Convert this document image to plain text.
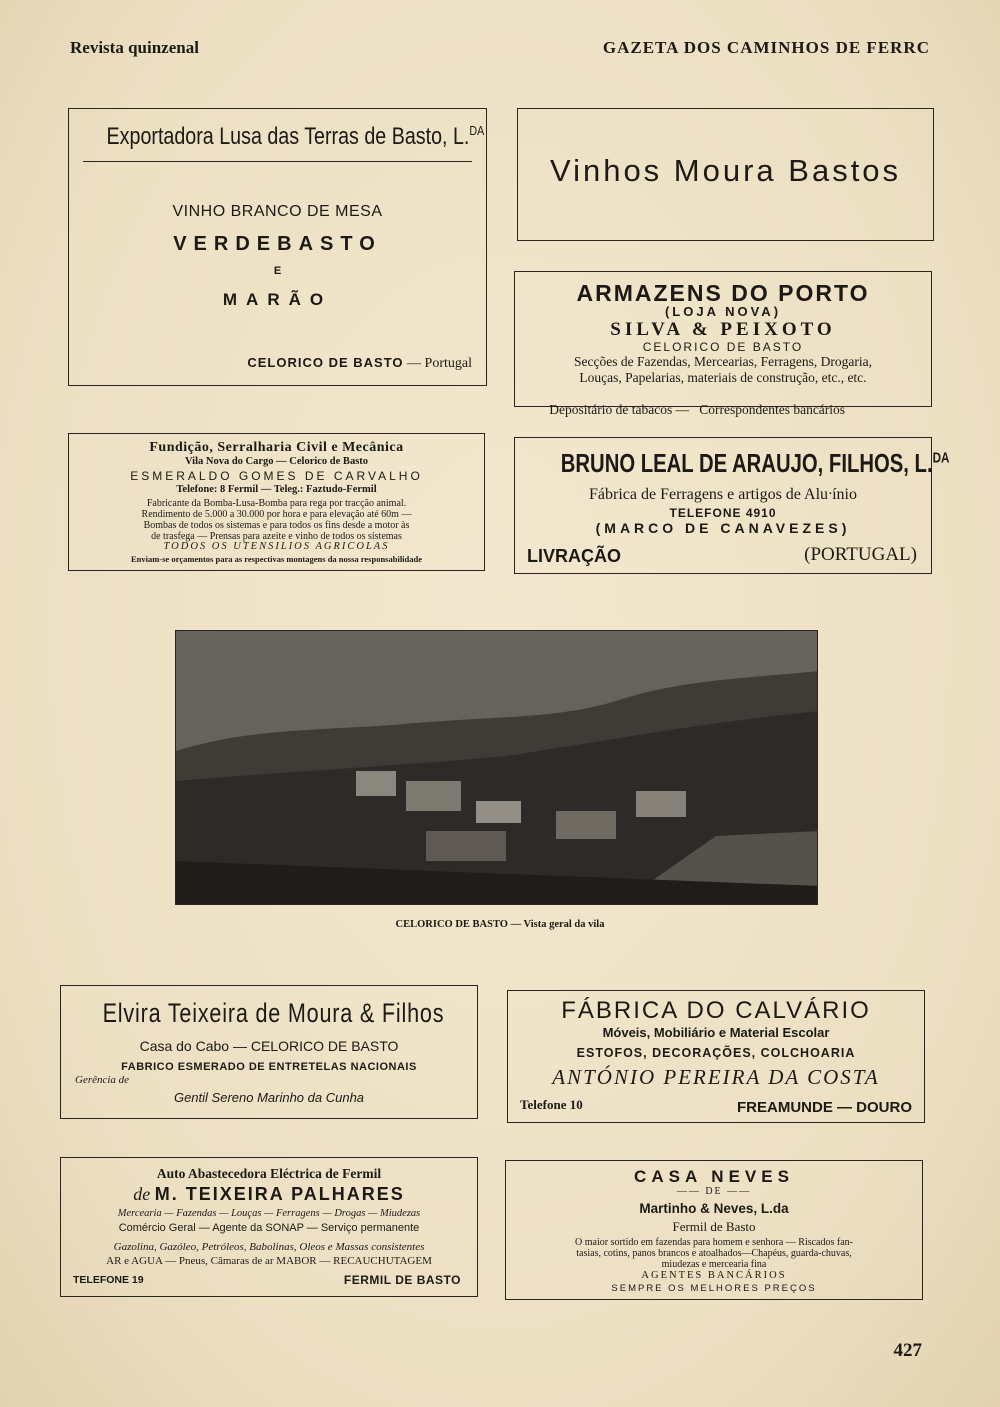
Revista quinzenal	GAZETA DOS CAMINHOS DE FERRC
Exportadora Lusa das Terras de Basto, L.$^{DA}$
VINHO BRANCO DE MESA
VERDEBASTO
E
MARÃO
CELORICO DE BASTO — Portugal
Vinhos Moura Bastos
ARMAZENS DO PORTO
(LOJA NOVA)
SILVA & PEIXOTO
CELORICO DE BASTO
Secções de Fazendas, Mercearias, Ferragens, Drogaria,
Louças, Papelarias, materiais de construção, etc., etc.

Depositário de tabacos — Correspondentes bancários

Fundição, Serralharia Civil e Mecânica
Vila Nova do Cargo — Celorico de Basto
ESMERALDO GOMES DE CARVALHO
Telefone: 8 Fermil — Teleg.: Faztudo-Fermil
Fabricante da Bomba-Lusa-Bomba para rega por tracção animal.
Rendimento de 5.000 a 30.000 por hora e para elevação até 60m —
Bombas de todos os sistemas e para todos os fins desde a motor às
de trasfega — Prensas para azeite e vinho de todos os sistemas
TODOS OS UTENSILIOS AGRICOLAS
Enviam-se orçamentos para as respectivas montagens da nossa responsabilidade
BRUNO LEAL DE ARAUJO, FILHOS, L.$^{DA}$
Fábrica de Ferragens e artigos de Aluᐧínio
TELEFONE 4910
(MARCO DE CANAVEZES)
LIVRAÇÃO	(PORTUGAL)
CELORICO DE BASTO — Vista geral da vila
Elvira Teixeira de Moura & Filhos
Casa do Cabo — CELORICO DE BASTO
FABRICO ESMERADO DE ENTRETELAS NACIONAIS
Gerência de
Gentil Sereno Marinho da Cunha
FÁBRICA DO CALVÁRIO
Móveis, Mobiliário e Material Escolar
ESTOFOS, DECORAÇÕES, COLCHOARIA
ANTÓNIO PEREIRA DA COSTA
Telefone 10	FREAMUNDE — DOURO
Auto Abastecedora Eléctrica de Fermil
de M. TEIXEIRA PALHARES
Mercearia — Fazendas — Louças — Ferragens — Drogas — Miudezas
Comércio Geral — Agente da SONAP — Serviço permanente
Gazolina, Gazóleo, Petróleos, Babolinas, Oleos e Massas consistentes
AR e AGUA — Pneus, Câmaras de ar MABOR — RECAUCHUTAGEM
TELEFONE 19	FERMIL DE BASTO
CASA NEVES
—— DE ——
Martinho & Neves, L.da
Fermil de Basto
O maior sortido em fazendas para homem e senhora — Riscados fan-
tasias, cotins, panos brancos e atoalhados—Chapéus, guarda-chuvas,
miudezas e mercearia fina
AGENTES BANCÁRIOS
SEMPRE OS MELHORES PREÇOS
427
